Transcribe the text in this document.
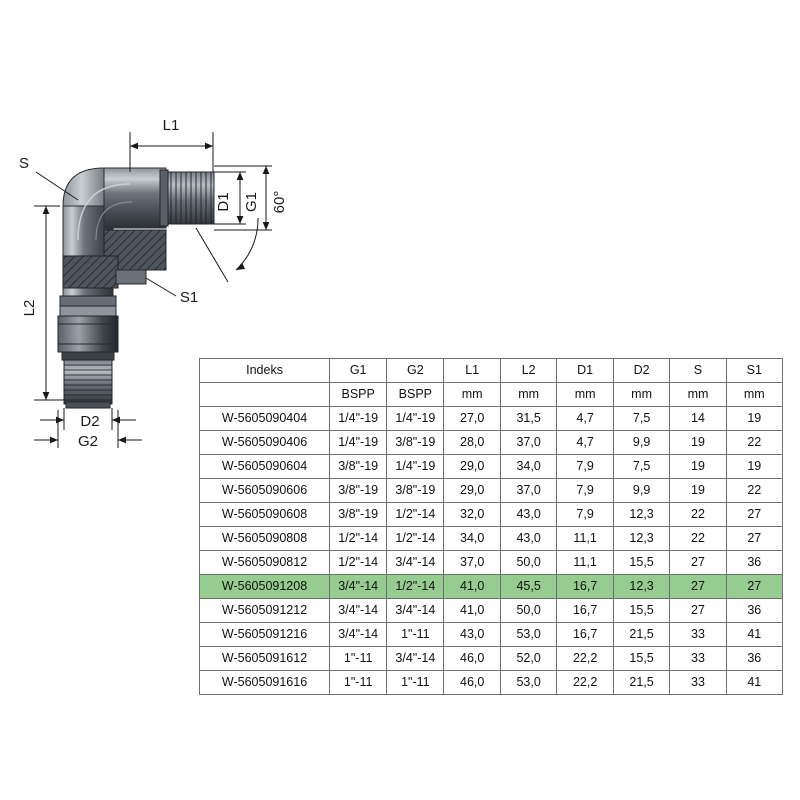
L1
L2
S
S1
D1 G1
D2
G2
60°
Indeks	G1	G2	L1	L2	D1	D2	S	S1
	BSPP	BSPP	mm	mm	mm	mm	mm	mm
W-5605090404	1/4"-19	1/4"-19	27,0	31,5	4,7	7,5	14	19
W-5605090406	1/4"-19	3/8"-19	28,0	37,0	4,7	9,9	19	22
W-5605090604	3/8"-19	1/4"-19	29,0	34,0	7,9	7,5	19	19
W-5605090606	3/8"-19	3/8"-19	29,0	37,0	7,9	9,9	19	22
W-5605090608	3/8"-19	1/2"-14	32,0	43,0	7,9	12,3	22	27
W-5605090808	1/2"-14	1/2"-14	34,0	43,0	11,1	12,3	22	27
W-5605090812	1/2"-14	3/4"-14	37,0	50,0	11,1	15,5	27	36
W-5605091208	3/4"-14	1/2"-14	41,0	45,5	16,7	12,3	27	27
W-5605091212	3/4"-14	3/4"-14	41,0	50,0	16,7	15,5	27	36
W-5605091216	3/4"-14	1"-11	43,0	53,0	16,7	21,5	33	41
W-5605091612	1"-11	3/4"-14	46,0	52,0	22,2	15,5	33	36
W-5605091616	1"-11	1"-11	46,0	53,0	22,2	21,5	33	41
